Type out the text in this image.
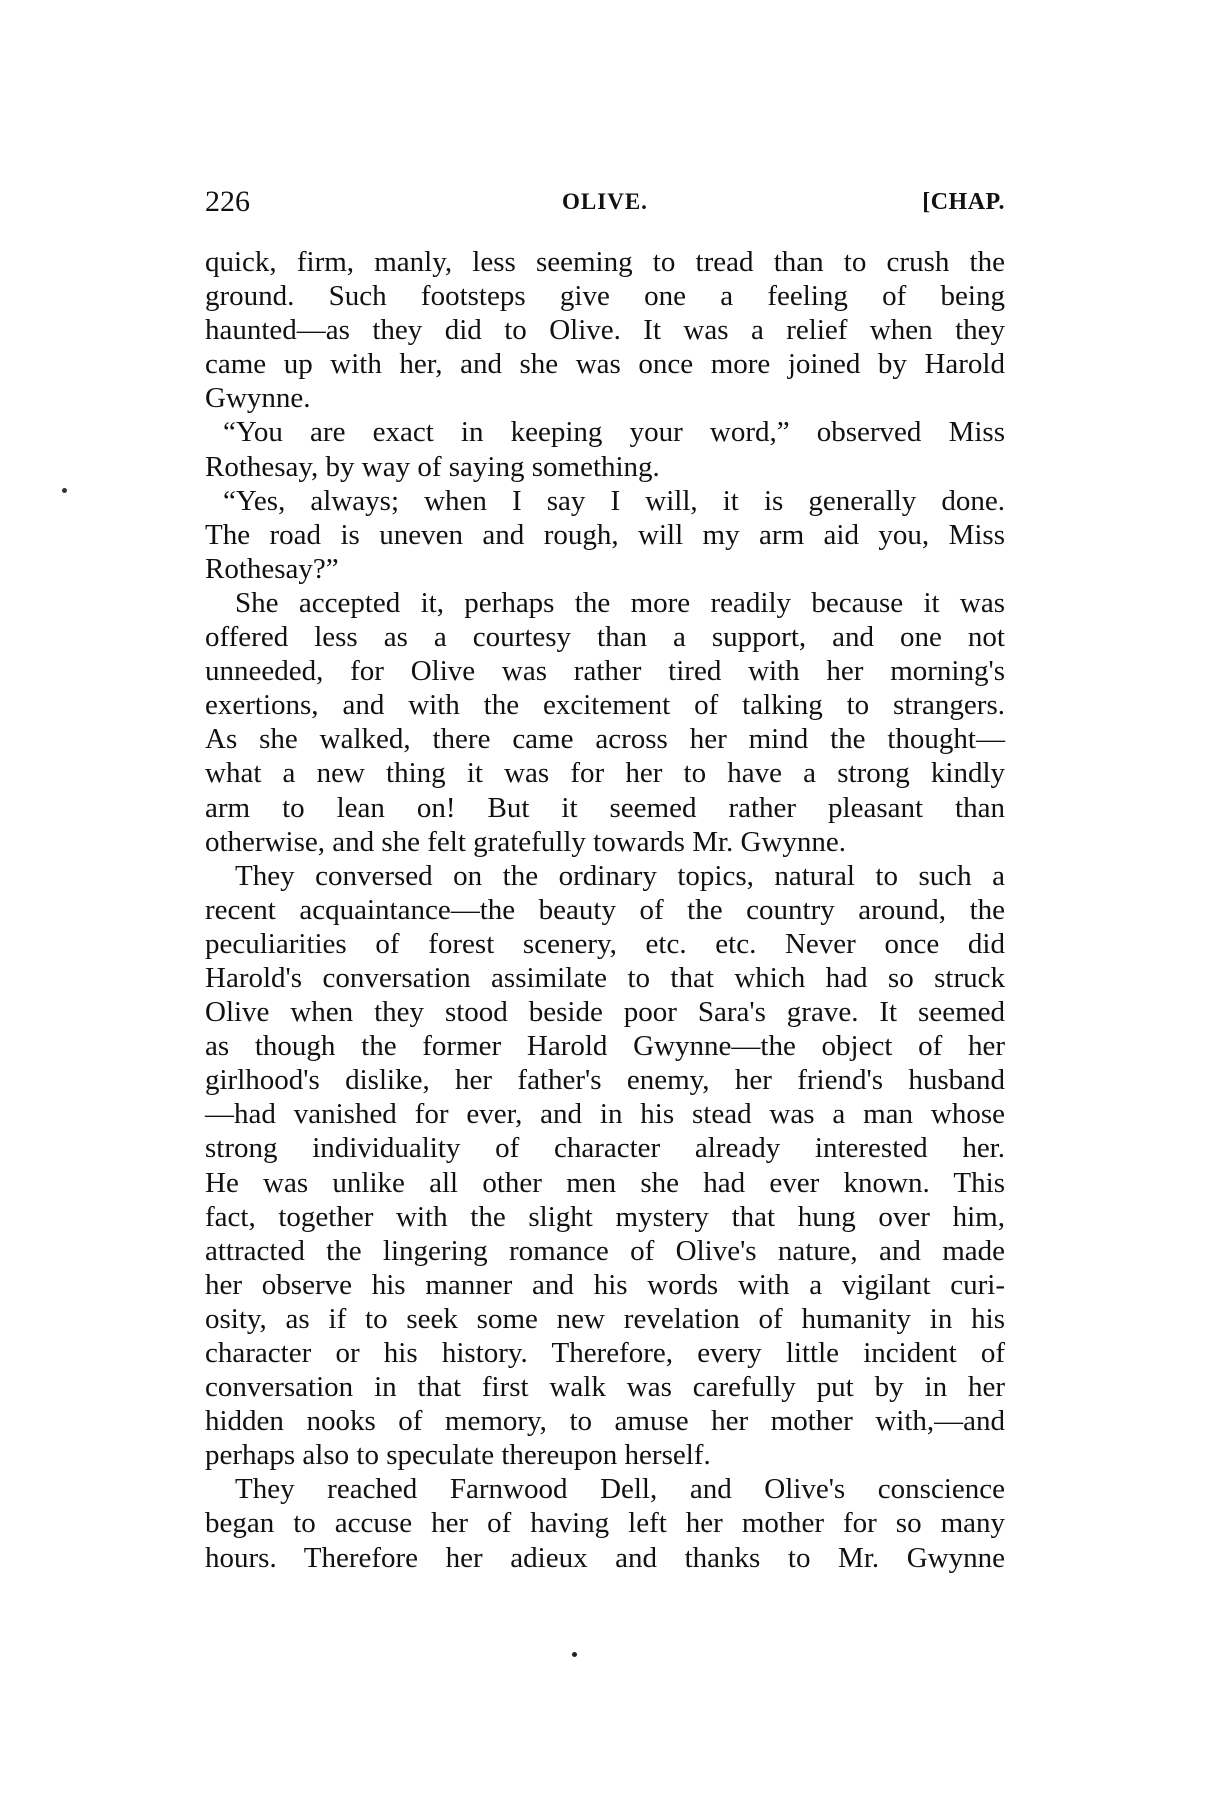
226	OLIVE.	[CHAP.
quick, firm, manly, less seeming to tread than to crush the
ground. Such footsteps give one a feeling of being
haunted—as they did to Olive. It was a relief when they
came up with her, and she was once more joined by Harold
Gwynne.
“You are exact in keeping your word,” observed Miss
Rothesay, by way of saying something.
“Yes, always; when I say I will, it is generally done.
The road is uneven and rough, will my arm aid you, Miss
Rothesay?”
She accepted it, perhaps the more readily because it was
offered less as a courtesy than a support, and one not
unneeded, for Olive was rather tired with her morning's
exertions, and with the excitement of talking to strangers.
As she walked, there came across her mind the thought—
what a new thing it was for her to have a strong kindly
arm to lean on! But it seemed rather pleasant than
otherwise, and she felt gratefully towards Mr. Gwynne.
They conversed on the ordinary topics, natural to such a
recent acquaintance—the beauty of the country around, the
peculiarities of forest scenery, etc. etc. Never once did
Harold's conversation assimilate to that which had so struck
Olive when they stood beside poor Sara's grave. It seemed
as though the former Harold Gwynne—the object of her
girlhood's dislike, her father's enemy, her friend's husband
—had vanished for ever, and in his stead was a man whose
strong individuality of character already interested her.
He was unlike all other men she had ever known. This
fact, together with the slight mystery that hung over him,
attracted the lingering romance of Olive's nature, and made
her observe his manner and his words with a vigilant curi-
osity, as if to seek some new revelation of humanity in his
character or his history. Therefore, every little incident of
conversation in that first walk was carefully put by in her
hidden nooks of memory, to amuse her mother with,—and
perhaps also to speculate thereupon herself.
They reached Farnwood Dell, and Olive's conscience
began to accuse her of having left her mother for so many
hours. Therefore her adieux and thanks to Mr. Gwynne
